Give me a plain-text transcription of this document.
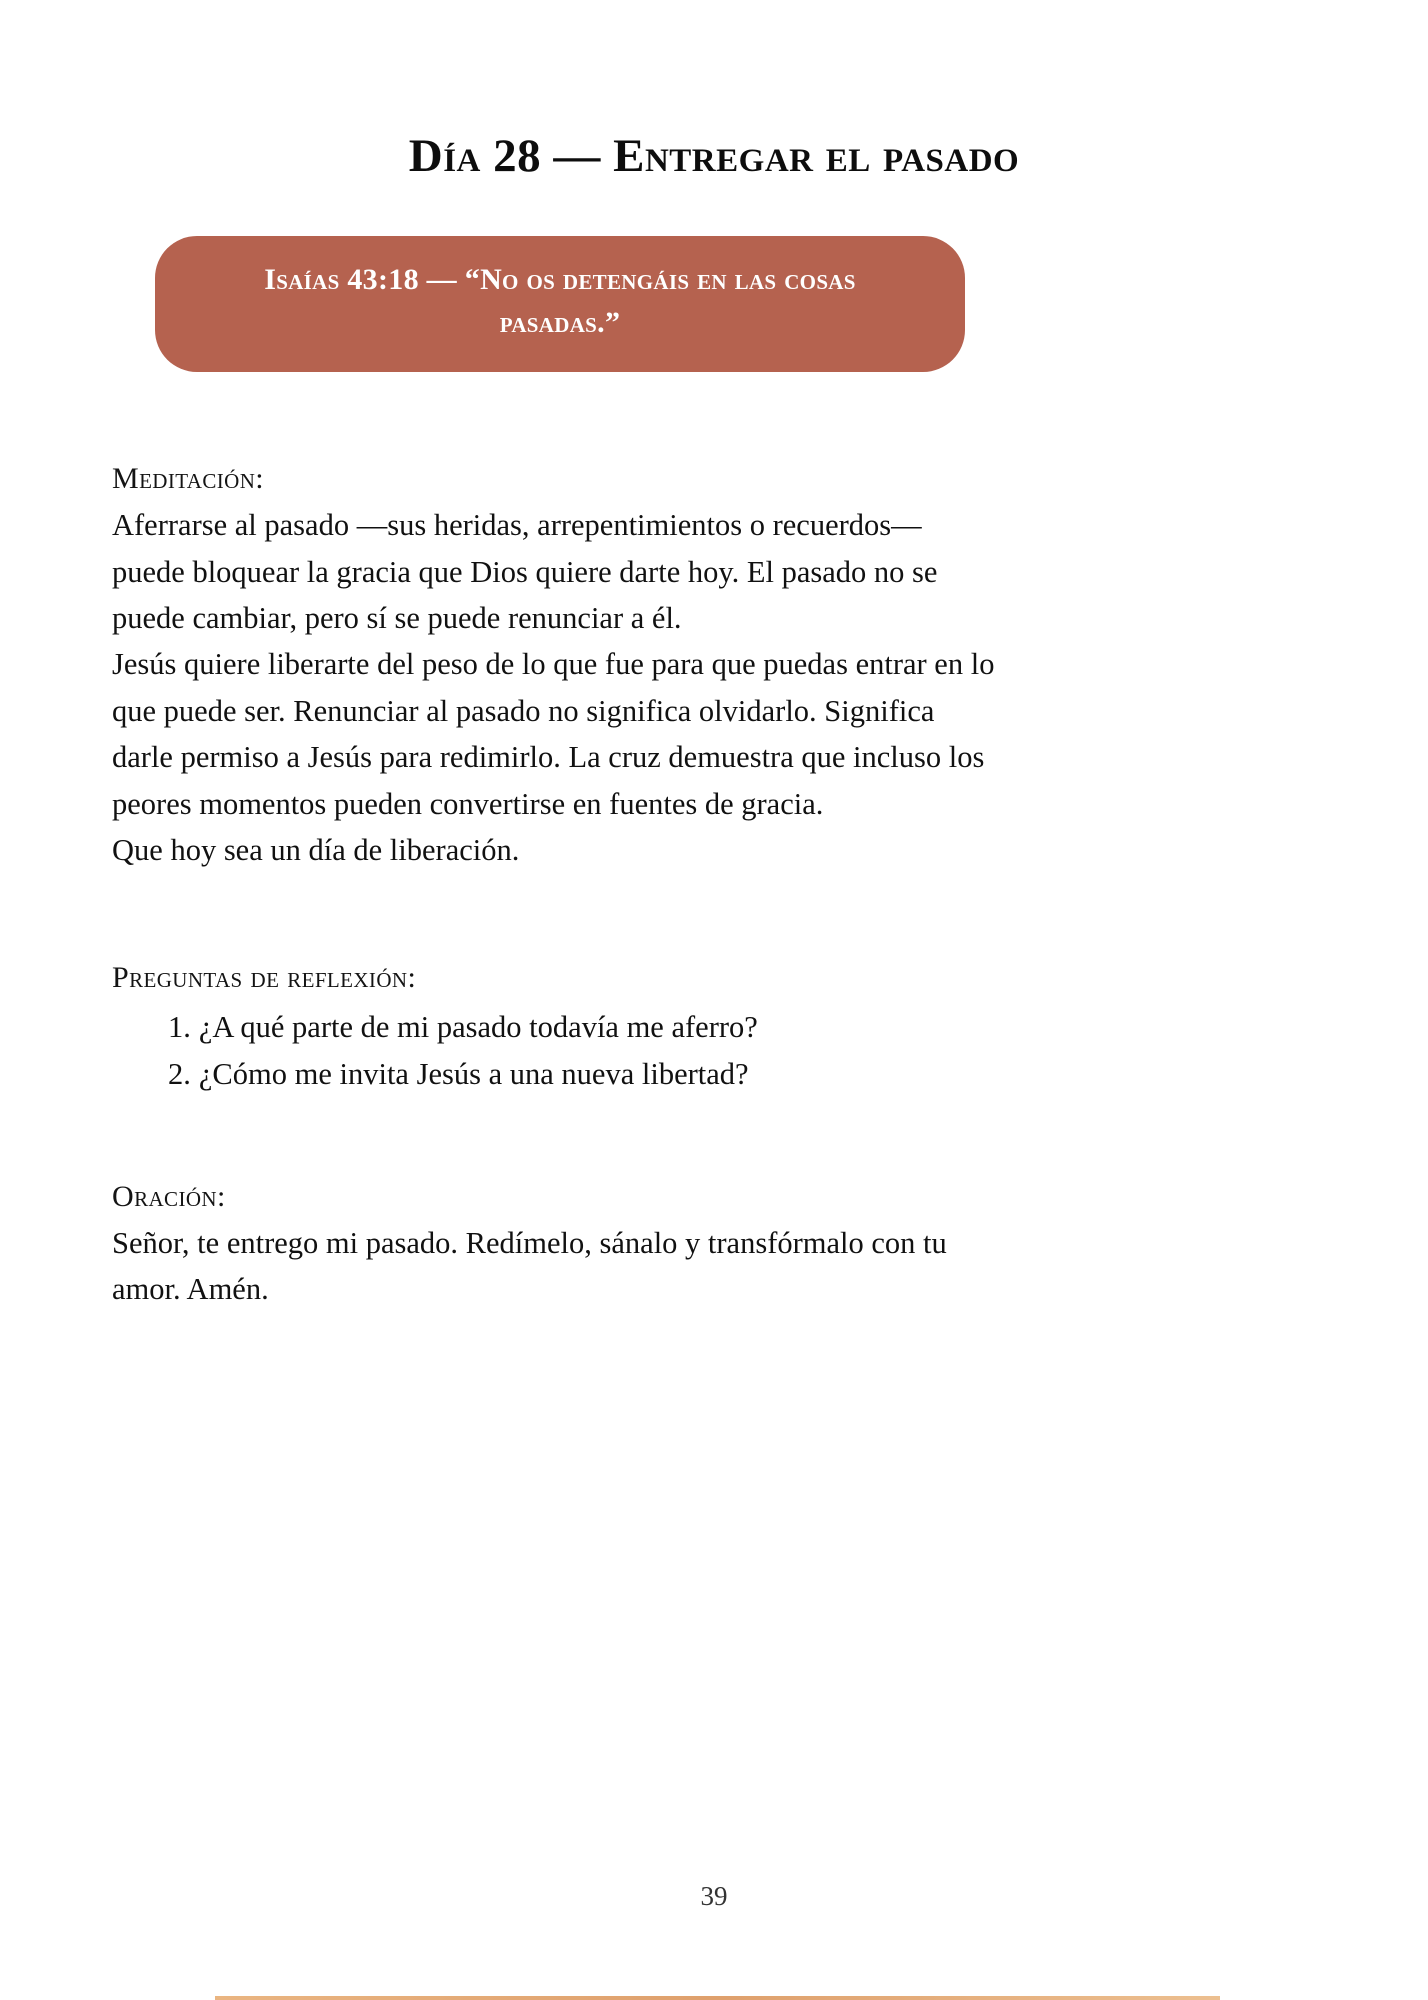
Día 28 — Entregar el pasado

Isaías 43:18 — “No os detengáis en las cosas pasadas.”

Meditación:

Aferrarse al pasado —sus heridas, arrepentimientos o recuerdos— puede bloquear la gracia que Dios quiere darte hoy. El pasado no se puede cambiar, pero sí se puede renunciar a él.

Jesús quiere liberarte del peso de lo que fue para que puedas entrar en lo que puede ser. Renunciar al pasado no significa olvidarlo. Significa darle permiso a Jesús para redimirlo. La cruz demuestra que incluso los peores momentos pueden convertirse en fuentes de gracia.

Que hoy sea un día de liberación.

Preguntas de reflexión:
1. ¿A qué parte de mi pasado todavía me aferro?
2. ¿Cómo me invita Jesús a una nueva libertad?
Oración:

Señor, te entrego mi pasado. Redímelo, sánalo y transfórmalo con tu amor. Amén.

39
